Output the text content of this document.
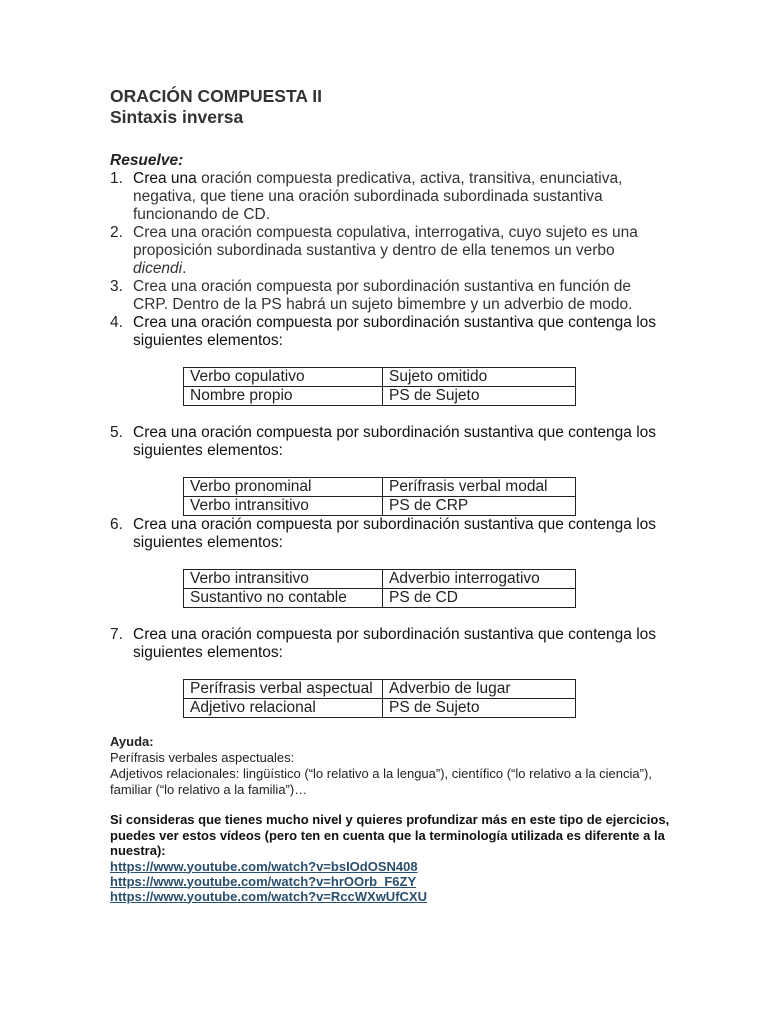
ORACIÓN COMPUESTA II
Sintaxis inversa
Resuelve:
1. Crea una oración compuesta predicativa, activa, transitiva, enunciativa, negativa, que tiene una oración subordinada subordinada sustantiva funcionando de CD.
2. Crea una oración compuesta copulativa, interrogativa, cuyo sujeto es una proposición subordinada sustantiva y dentro de ella tenemos un verbo dicendi.
3. Crea una oración compuesta por subordinación sustantiva en función de CRP. Dentro de la PS habrá un sujeto bimembre y un adverbio de modo.
4. Crea una oración compuesta por subordinación sustantiva que contenga los siguientes elementos:
Verbo copulativo	Sujeto omitido
Nombre propio	PS de Sujeto
5. Crea una oración compuesta por subordinación sustantiva que contenga los siguientes elementos:
Verbo pronominal	Perífrasis verbal modal
Verbo intransitivo	PS de CRP
6. Crea una oración compuesta por subordinación sustantiva que contenga los siguientes elementos:
Verbo intransitivo	Adverbio interrogativo
Sustantivo no contable	PS de CD
7. Crea una oración compuesta por subordinación sustantiva que contenga los siguientes elementos:
Perífrasis verbal aspectual	Adverbio de lugar
Adjetivo relacional	PS de Sujeto
Ayuda:
Perífrasis verbales aspectuales:
Adjetivos relacionales: lingüístico (“lo relativo a la lengua”), científico (“lo relativo a la ciencia”), familiar (“lo relativo a la familia”)…
Si consideras que tienes mucho nivel y quieres profundizar más en este tipo de ejercicios, puedes ver estos vídeos (pero ten en cuenta que la terminología utilizada es diferente a la nuestra):
https://www.youtube.com/watch?v=bsIOdOSN408
https://www.youtube.com/watch?v=hrOOrb_F6ZY
https://www.youtube.com/watch?v=RccWXwUfCXU
